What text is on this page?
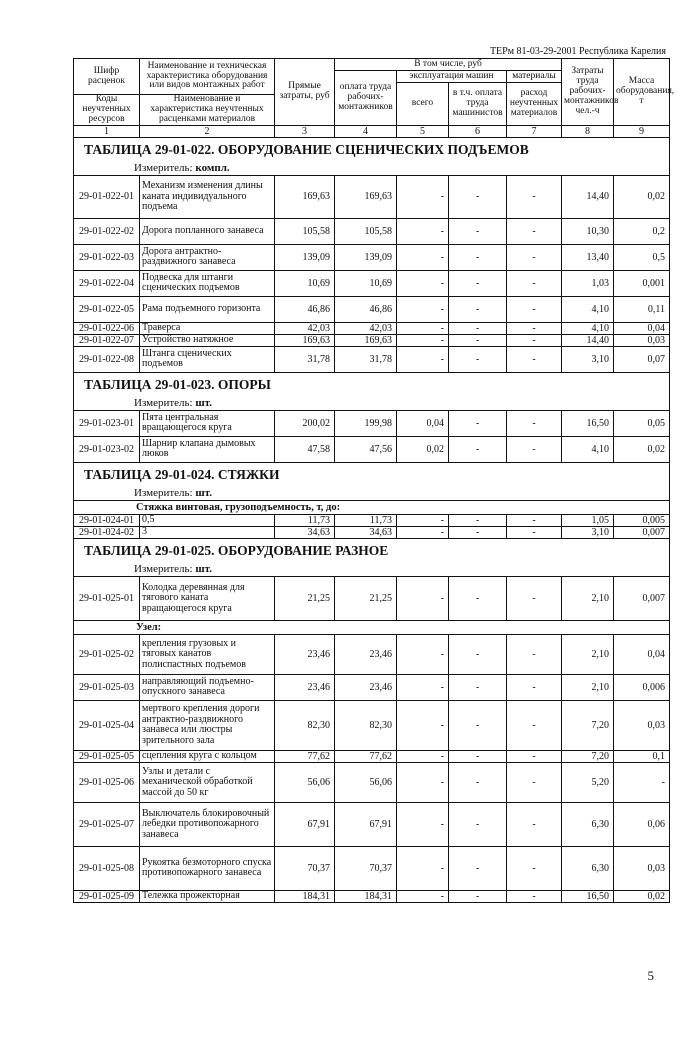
ТЕРм 81-03-29-2001 Республика Карелия
Шифр расценок	Наименование и техническая характеристика оборудования или видов монтажных работ	Прямые затраты, руб	В том числе, руб				Затраты труда рабочих-монтажников чел.-ч	Масса оборудования, т
			оплата труда рабочих-монтажников	эксплуатация машин		материалы		
				всего	в т.ч. оплата труда машинистов	расход неучтенных материалов		
Коды неучтенных ресурсов	Наименование и характеристика неучтенных расценками материалов							

1	2	3	4	5	6	7	8	9
ТАБЛИЦА 29-01-022. ОБОРУДОВАНИЕ СЦЕНИЧЕСКИХ ПОДЪЕМОВ								
Измеритель: компл.								
29-01-022-01	Механизм изменения длины каната индивидуального подъема	169,63	169,63	-	-	-	14,40	0,02
29-01-022-02	Дорога попланного занавеса	105,58	105,58	-	-	-	10,30	0,2
29-01-022-03	Дорога антрактно-раздвижного занавеса	139,09	139,09	-	-	-	13,40	0,5
29-01-022-04	Подвеска для штанги сценических подъемов	10,69	10,69	-	-	-	1,03	0,001
29-01-022-05	Рама подъемного горизонта	46,86	46,86	-	-	-	4,10	0,11
29-01-022-06	Траверса	42,03	42,03	-	-	-	4,10	0,04
29-01-022-07	Устройство натяжное	169,63	169,63	-	-	-	14,40	0,03
29-01-022-08	Штанга сценических подъемов	31,78	31,78	-	-	-	3,10	0,07
ТАБЛИЦА 29-01-023. ОПОРЫ								
Измеритель: шт.								
29-01-023-01	Пята центральная вращающегося круга	200,02	199,98	0,04	-	-	16,50	0,05
29-01-023-02	Шарнир клапана дымовых люков	47,58	47,56	0,02	-	-	4,10	0,02
ТАБЛИЦА 29-01-024. СТЯЖКИ								
Измеритель: шт.								
Стяжка винтовая, грузоподъемность, т, до:								
29-01-024-01	0,5	11,73	11,73	-	-	-	1,05	0,005
29-01-024-02	3	34,63	34,63	-	-	-	3,10	0,007
ТАБЛИЦА 29-01-025. ОБОРУДОВАНИЕ РАЗНОЕ								
Измеритель: шт.								
29-01-025-01	Колодка деревянная для тягового каната вращающегося круга	21,25	21,25	-	-	-	2,10	0,007
Узел:								
29-01-025-02	крепления грузовых и тяговых канатов полиспастных подъемов	23,46	23,46	-	-	-	2,10	0,04
29-01-025-03	направляющий подъемно-опускного занавеса	23,46	23,46	-	-	-	2,10	0,006
29-01-025-04	мертвого крепления дороги антрактно-раздвижного занавеса или люстры зрительного зала	82,30	82,30	-	-	-	7,20	0,03
29-01-025-05	сцепления круга с кольцом	77,62	77,62	-	-	-	7,20	0,1
29-01-025-06	Узлы и детали с механической обработкой массой до 50 кг	56,06	56,06	-	-	-	5,20	-
29-01-025-07	Выключатель блокировочный лебедки противопожарного занавеса	67,91	67,91	-	-	-	6,30	0,06
29-01-025-08	Рукоятка безмоторного спуска противопожарного занавеса	70,37	70,37	-	-	-	6,30	0,03
29-01-025-09	Тележка прожекторная	184,31	184,31	-	-	-	16,50	0,02
5
